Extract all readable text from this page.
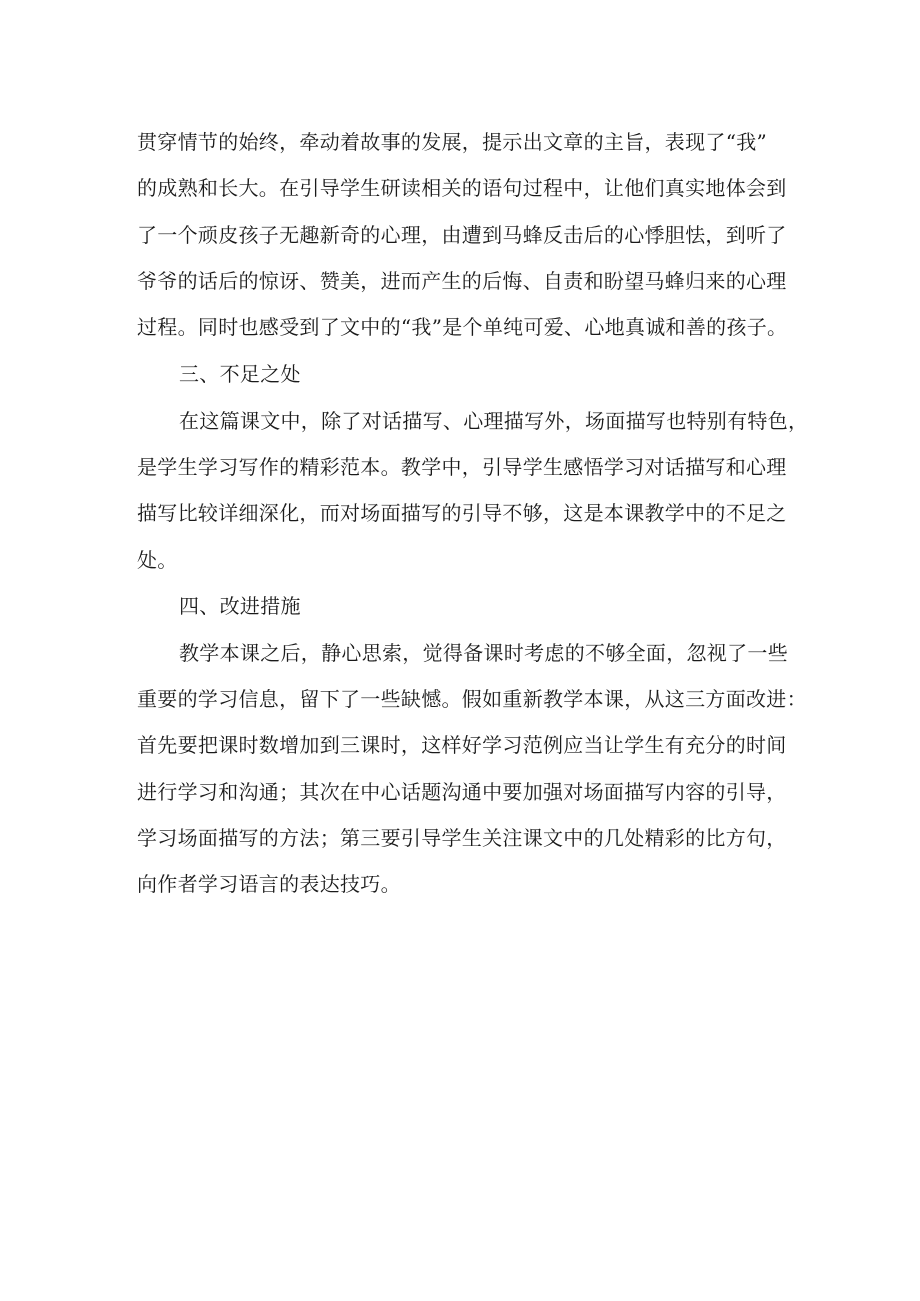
贯穿情节的始终，牵动着故事的发展，提示出文章的主旨，表现了“我”
的成熟和长大。在引导学生研读相关的语句过程中，让他们真实地体会到
了一个顽皮孩子无趣新奇的心理，由遭到马蜂反击后的心悸胆怯，到听了
爷爷的话后的惊讶、赞美，进而产生的后悔、自责和盼望马蜂归来的心理
过程。同时也感受到了文中的“我”是个单纯可爱、心地真诚和善的孩子。
三、不足之处
在这篇课文中，除了对话描写、心理描写外，场面描写也特别有特色，
是学生学习写作的精彩范本。教学中，引导学生感悟学习对话描写和心理
描写比较详细深化，而对场面描写的引导不够，这是本课教学中的不足之
处。
四、改进措施
教学本课之后，静心思索，觉得备课时考虑的不够全面，忽视了一些
重要的学习信息，留下了一些缺憾。假如重新教学本课，从这三方面改进：
首先要把课时数增加到三课时，这样好学习范例应当让学生有充分的时间
进行学习和沟通；其次在中心话题沟通中要加强对场面描写内容的引导，
学习场面描写的方法；第三要引导学生关注课文中的几处精彩的比方句，
向作者学习语言的表达技巧。
